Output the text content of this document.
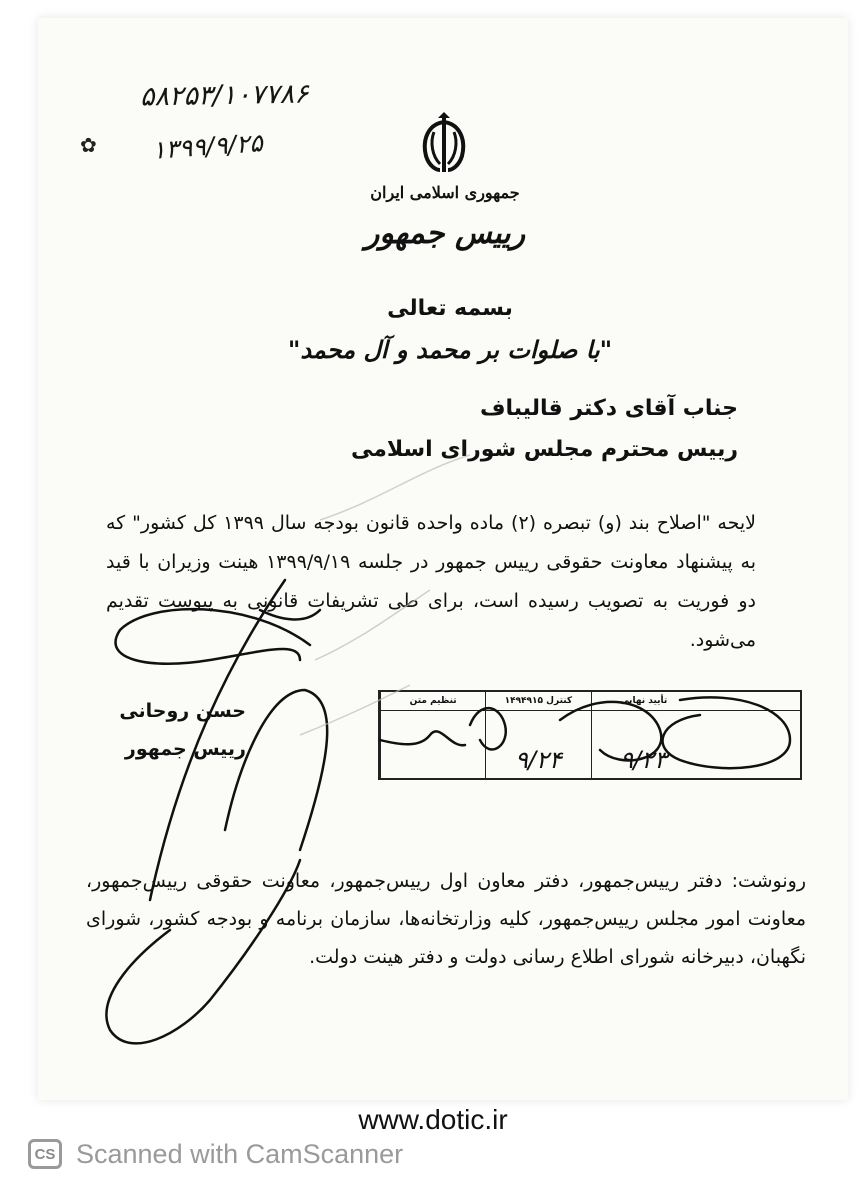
۵۸۲۵۳/۱۰۷۷۸۶
۱۳۹۹/۹/۲۵
✿
جمهوری اسلامی ایران
رییس جمهور
بسمه تعالی
"با صلوات بر محمد و آل محمد"
جناب آقای دکتر قالیباف
رییس محترم مجلس شورای اسلامی
لایحه "اصلاح بند (و) تبصره (۲) ماده واحده قانون بودجه سال ۱۳۹۹ کل کشور" که به پیشنهاد معاونت حقوقی رییس جمهور در جلسه ۱۳۹۹/۹/۱۹ هینت وزیران با قید دو فوریت به تصویب رسیده است، برای طی تشریفات قانونی به پیوست تقدیم می‌شود.
حسن روحانی
رییس جمهور
تنظیم متن	کنترل ۱۴۹۴۹۱۵
۹/۲۴
تأیید نهایی
۹/۲۳
رونوشت: دفتر رییس‌جمهور، دفتر معاون اول رییس‌جمهور، معاونت حقوقی رییس‌جمهور، معاونت امور مجلس رییس‌جمهور، کلیه وزارتخانه‌ها، سازمان برنامه و بودجه کشور، شورای نگهبان، دبیرخانه شورای اطلاع رسانی دولت و دفتر هینت دولت.
www.dotic.ir
CS Scanned with CamScanner
